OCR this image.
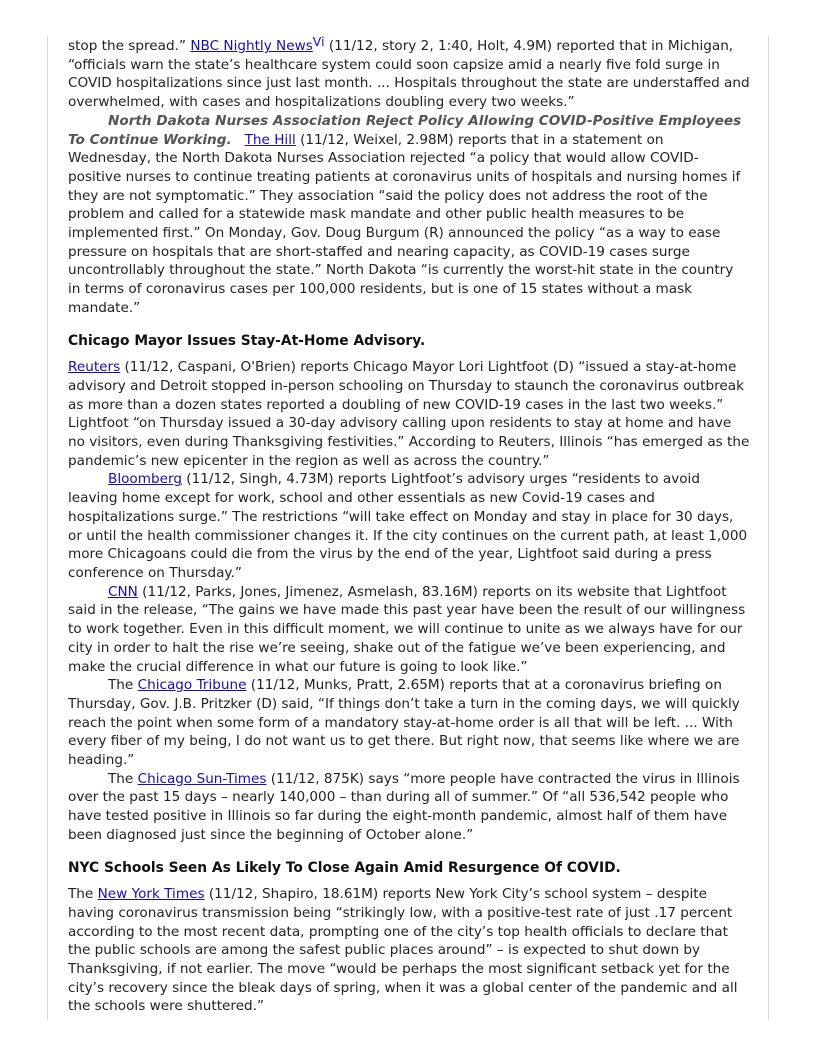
stop the spread.” NBC Nightly News$^{Vi}$ (11/12, story 2, 1:40, Holt, 4.9M) reported that in Michigan, “officials warn the state’s healthcare system could soon capsize amid a nearly five fold surge in COVID hospitalizations since just last month. ... Hospitals throughout the state are understaffed and overwhelmed, with cases and hospitalizations doubling every two weeks.”

North Dakota Nurses Association Reject Policy Allowing COVID-Positive Employees To Continue Working. The Hill (11/12, Weixel, 2.98M) reports that in a statement on Wednesday, the North Dakota Nurses Association rejected “a policy that would allow COVID-positive nurses to continue treating patients at coronavirus units of hospitals and nursing homes if they are not symptomatic.” They association “said the policy does not address the root of the problem and called for a statewide mask mandate and other public health measures to be implemented first.” On Monday, Gov. Doug Burgum (R) announced the policy “as a way to ease pressure on hospitals that are short-staffed and nearing capacity, as COVID-19 cases surge uncontrollably throughout the state.” North Dakota “is currently the worst-hit state in the country in terms of coronavirus cases per 100,000 residents, but is one of 15 states without a mask mandate.”

Chicago Mayor Issues Stay-At-Home Advisory.

Reuters (11/12, Caspani, O'Brien) reports Chicago Mayor Lori Lightfoot (D) “issued a stay-at-home advisory and Detroit stopped in-person schooling on Thursday to staunch the coronavirus outbreak as more than a dozen states reported a doubling of new COVID-19 cases in the last two weeks.” Lightfoot “on Thursday issued a 30-day advisory calling upon residents to stay at home and have no visitors, even during Thanksgiving festivities.” According to Reuters, Illinois “has emerged as the pandemic’s new epicenter in the region as well as across the country.”

Bloomberg (11/12, Singh, 4.73M) reports Lightfoot’s advisory urges “residents to avoid leaving home except for work, school and other essentials as new Covid-19 cases and hospitalizations surge.” The restrictions “will take effect on Monday and stay in place for 30 days, or until the health commissioner changes it. If the city continues on the current path, at least 1,000 more Chicagoans could die from the virus by the end of the year, Lightfoot said during a press conference on Thursday.”

CNN (11/12, Parks, Jones, Jimenez, Asmelash, 83.16M) reports on its website that Lightfoot said in the release, “The gains we have made this past year have been the result of our willingness to work together. Even in this difficult moment, we will continue to unite as we always have for our city in order to halt the rise we’re seeing, shake out of the fatigue we’ve been experiencing, and make the crucial difference in what our future is going to look like.”

The Chicago Tribune (11/12, Munks, Pratt, 2.65M) reports that at a coronavirus briefing on Thursday, Gov. J.B. Pritzker (D) said, “If things don’t take a turn in the coming days, we will quickly reach the point when some form of a mandatory stay-at-home order is all that will be left. ... With every fiber of my being, I do not want us to get there. But right now, that seems like where we are heading.”

The Chicago Sun-Times (11/12, 875K) says “more people have contracted the virus in Illinois over the past 15 days – nearly 140,000 – than during all of summer.” Of “all 536,542 people who have tested positive in Illinois so far during the eight-month pandemic, almost half of them have been diagnosed just since the beginning of October alone.”

NYC Schools Seen As Likely To Close Again Amid Resurgence Of COVID.

The New York Times (11/12, Shapiro, 18.61M) reports New York City’s school system – despite having coronavirus transmission being “strikingly low, with a positive-test rate of just .17 percent according to the most recent data, prompting one of the city’s top health officials to declare that the public schools are among the safest public places around” – is expected to shut down by Thanksgiving, if not earlier. The move “would be perhaps the most significant setback yet for the city’s recovery since the bleak days of spring, when it was a global center of the pandemic and all the schools were shuttered.”
